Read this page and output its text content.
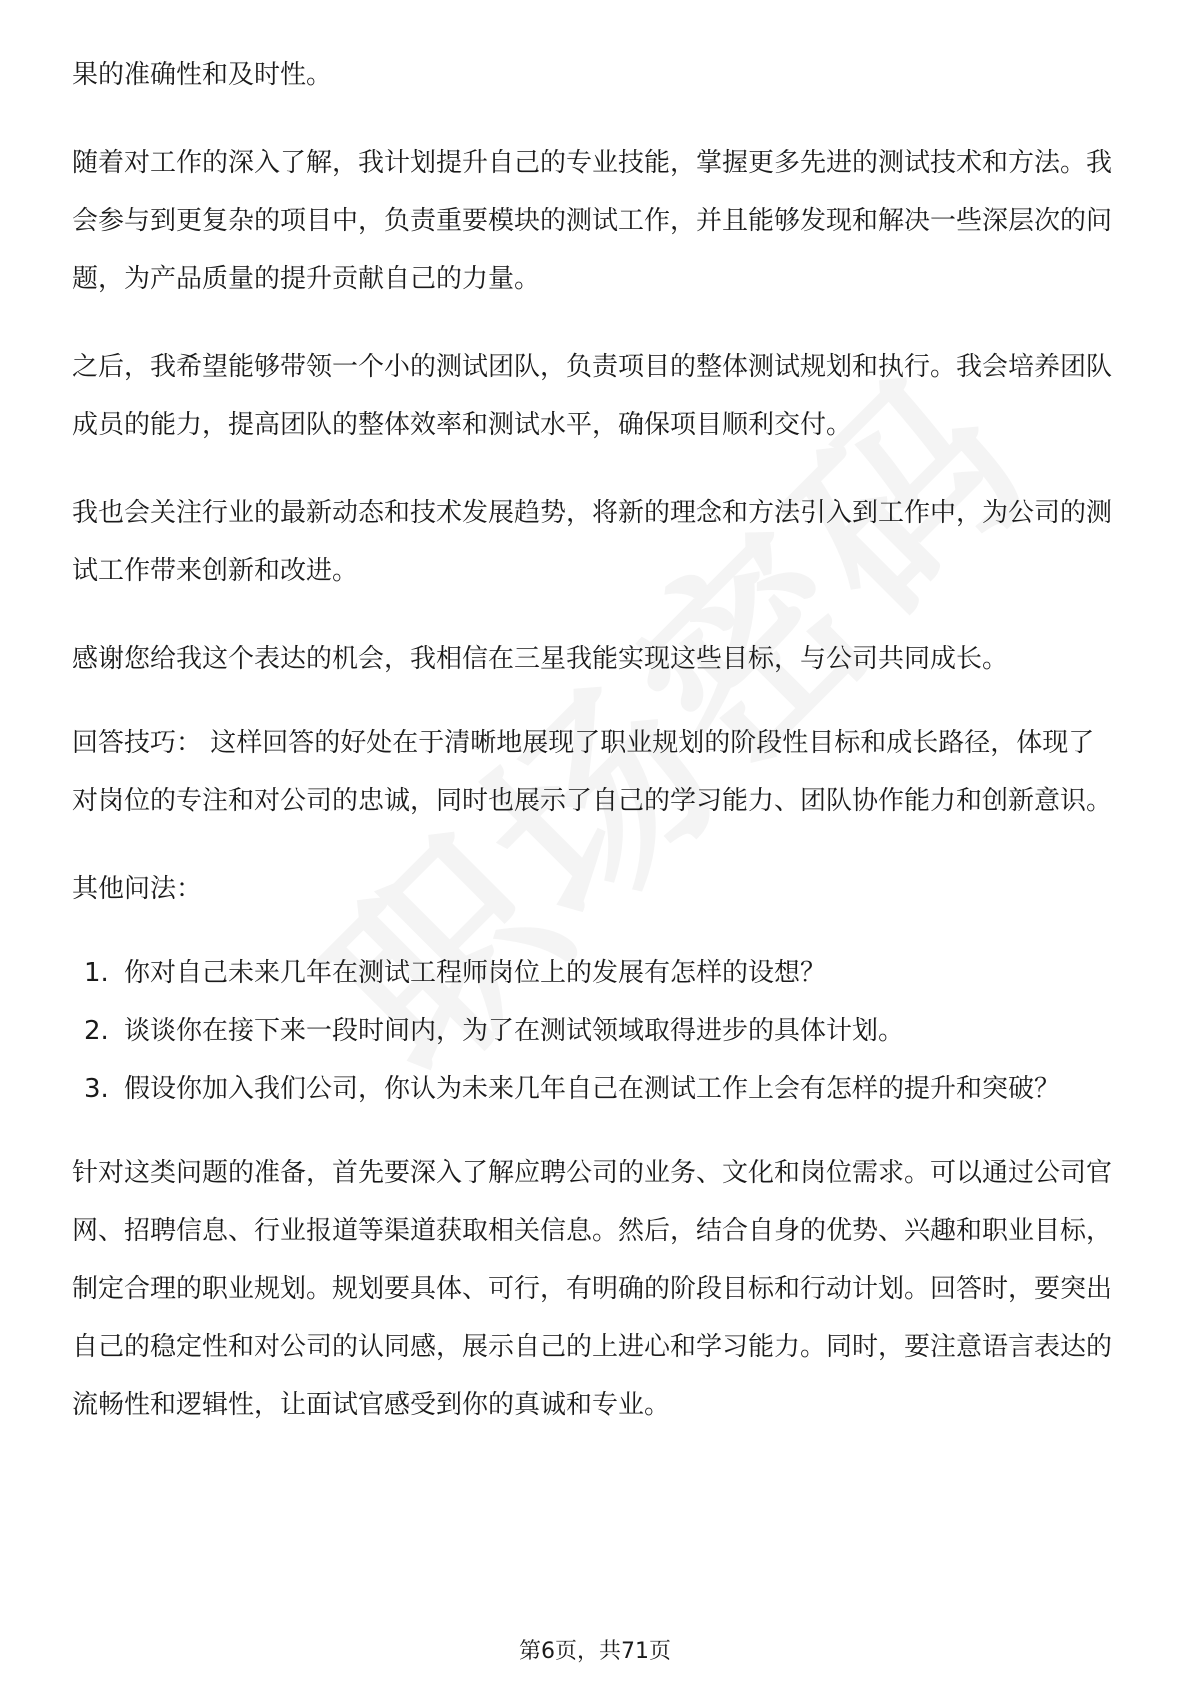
果的准确性和及时性。

随着对工作的深入了解，我计划提升自己的专业技能，掌握更多先进的测试技术和方法。我会参与到更复杂的项目中，负责重要模块的测试工作，并且能够发现和解决一些深层次的问题，为产品质量的提升贡献自己的力量。

之后，我希望能够带领一个小的测试团队，负责项目的整体测试规划和执行。我会培养团队成员的能力，提高团队的整体效率和测试水平，确保项目顺利交付。

我也会关注行业的最新动态和技术发展趋势，将新的理念和方法引入到工作中，为公司的测试工作带来创新和改进。

感谢您给我这个表达的机会，我相信在三星我能实现这些目标，与公司共同成长。

回答技巧： 这样回答的好处在于清晰地展现了职业规划的阶段性目标和成长路径，体现了对岗位的专注和对公司的忠诚，同时也展示了自己的学习能力、团队协作能力和创新意识。

其他问法：

1. 你对自己未来几年在测试工程师岗位上的发展有怎样的设想？
2. 谈谈你在接下来一段时间内，为了在测试领域取得进步的具体计划。
3. 假设你加入我们公司，你认为未来几年自己在测试工作上会有怎样的提升和突破？

针对这类问题的准备，首先要深入了解应聘公司的业务、文化和岗位需求。可以通过公司官网、招聘信息、行业报道等渠道获取相关信息。然后，结合自身的优势、兴趣和职业目标，制定合理的职业规划。规划要具体、可行，有明确的阶段目标和行动计划。回答时，要突出自己的稳定性和对公司的认同感，展示自己的上进心和学习能力。同时，要注意语言表达的流畅性和逻辑性，让面试官感受到你的真诚和专业。

第6页，共71页
